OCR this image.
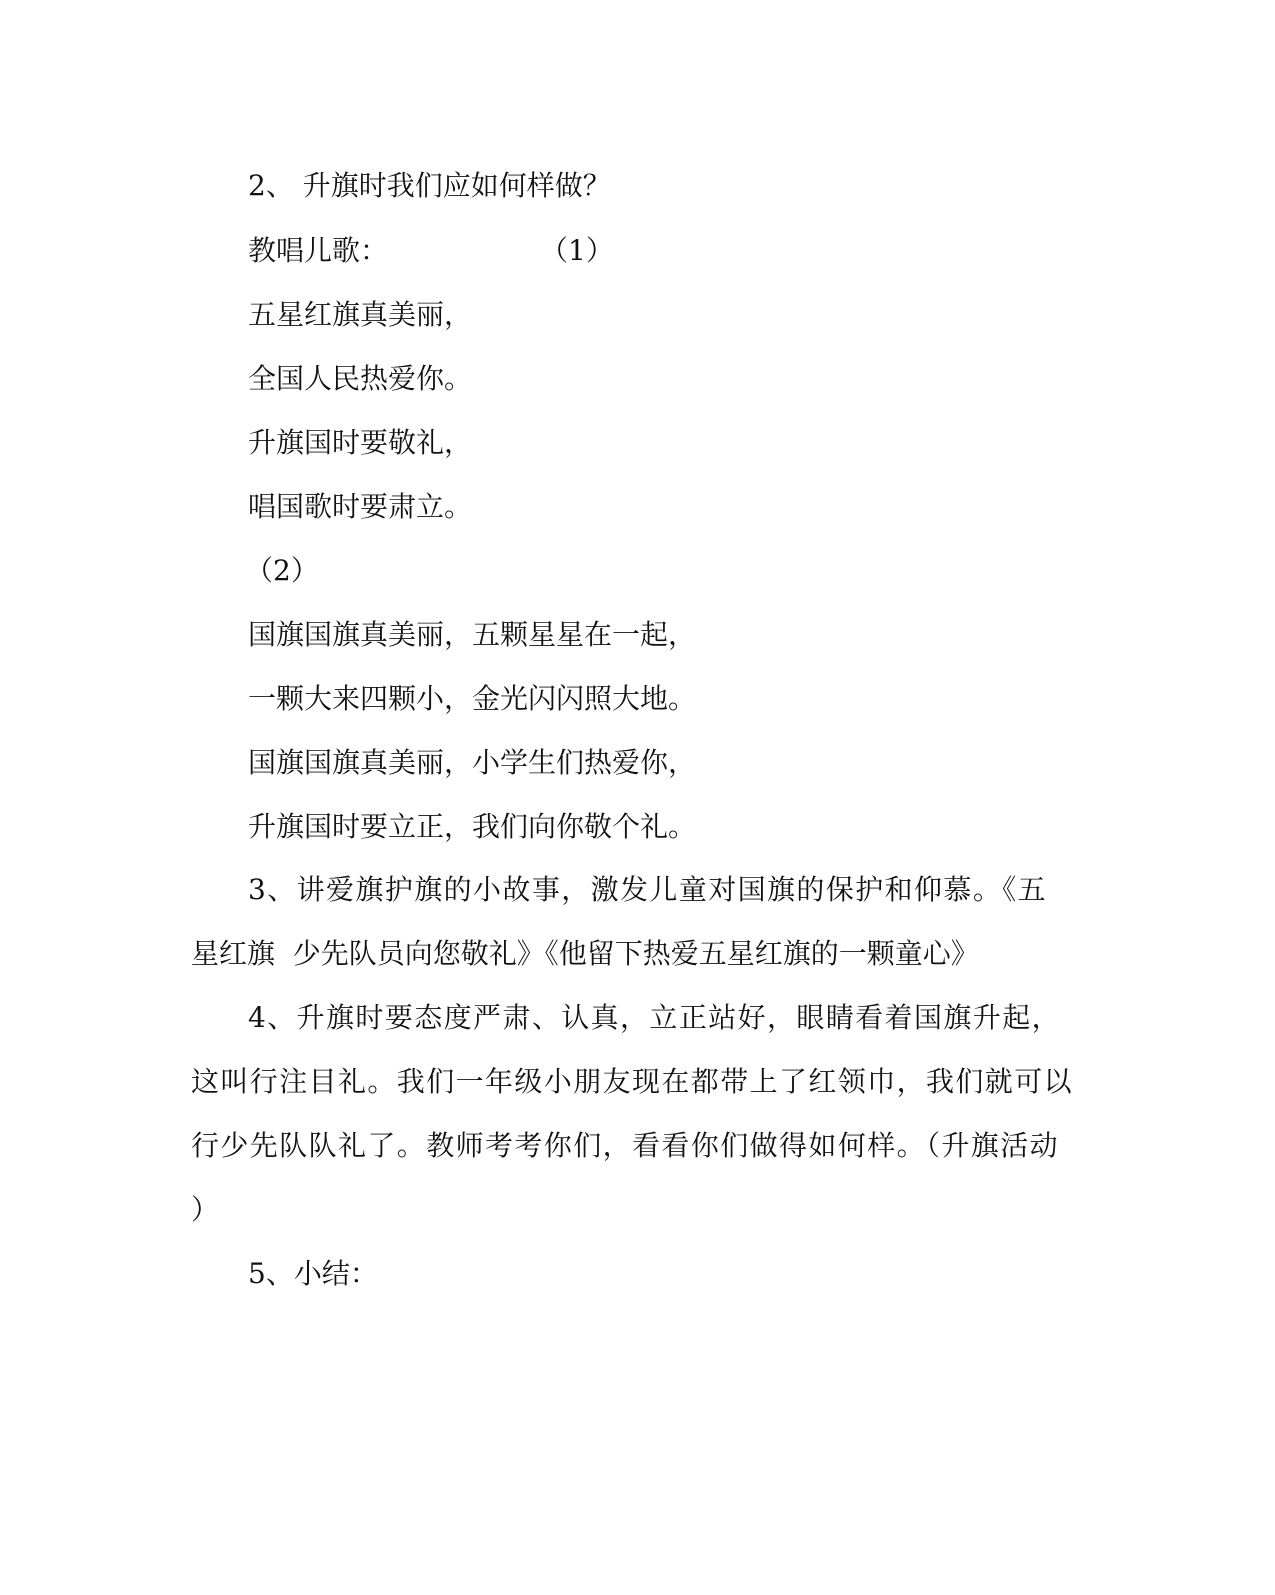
2、 升旗时我们应如何样做？
教唱儿歌：	（1）
五星红旗真美丽，
全国人民热爱你。
升旗国时要敬礼，
唱国歌时要肃立。
（2）
国旗国旗真美丽，五颗星星在一起，
一颗大来四颗小，金光闪闪照大地。
国旗国旗真美丽，小学生们热爱你，
升旗国时要立正，我们向你敬个礼。
3、讲爱旗护旗的小故事，激发儿童对国旗的保护和仰慕。《五
星红旗  少先队员向您敬礼》《他留下热爱五星红旗的一颗童心》
4、升旗时要态度严肃、认真，立正站好，眼睛看着国旗升起，
这叫行注目礼。我们一年级小朋友现在都带上了红领巾，我们就可以
行少先队队礼了。教师考考你们，看看你们做得如何样。（升旗活动
）
5、小结：
